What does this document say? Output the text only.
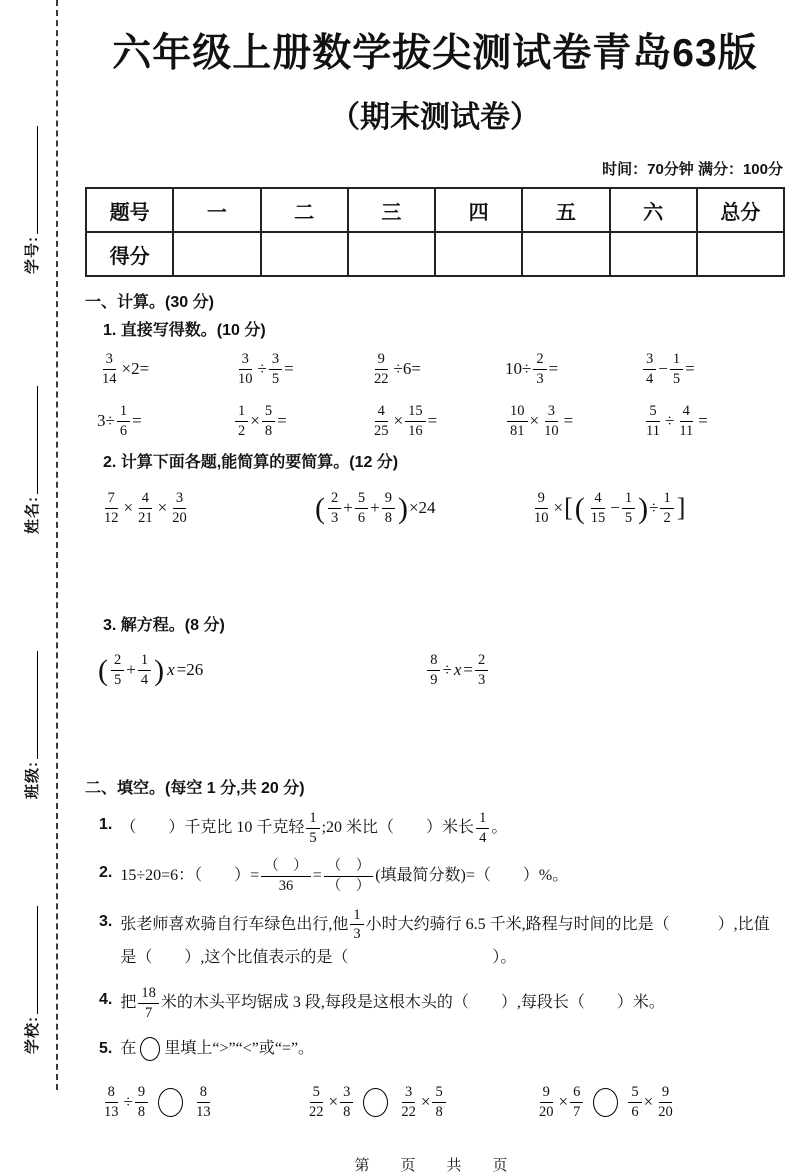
学号:
姓名:
班级:
学校:
六年级上册数学拔尖测试卷青岛63版
（期末测试卷）
时间：70分钟 满分：100分
题号	一	二	三	四	五	六	总分
得分							
一、计算。(30 分)
1. 直接写得数。(10 分)
$\frac{3}{14} \times 2=$	$\frac{3}{10} \div \frac{3}{5}$ =	$\frac{9}{22} \div 6=$	$10\div \frac{2}{3}$ =	$\frac{3}{4} - \frac{1}{5}$ =
$3\div \frac{1}{6}$ =	$\frac{1}{2} \times \frac{5}{8}$ =	$\frac{4}{25} \times \frac{15}{16}$ =	$\frac{10}{81} \times \frac{3}{10}$ =	$\frac{5}{11} \div \frac{4}{11}$ =
2. 计算下面各题,能简算的要简算。(12 分)
$\frac{7}{12} \times \frac{4}{21} \times \frac{3}{20}$	( $\frac{2}{3} + \frac{5}{6} + \frac{9}{8}$ ) ×24	$\frac{9}{10}$ × [ ( $\frac{4}{15} - \frac{1}{5}$ ) ÷ $\frac{1}{2}$ ]
3. 解方程。(8 分)
( $\frac{2}{5} + \frac{1}{4}$ ) x =26	$\frac{8}{9} \div x = \frac{2}{3}$
二、填空。(每空 1 分,共 20 分)
1. （　　）千克比 10 千克轻 $\frac{1}{5}$ ;20 米比（　　）米长 $\frac{1}{4}$ 。
2. 15÷20=6：（　　）= $\frac{( )}{36} = \frac{( )}{( )}$ (填最简分数)=（　　）%。
3. 张老师喜欢骑自行车绿色出行,他 $\frac{1}{3}$ 小时大约骑行 6.5 千米,路程与时间的比是（　　　）,比值
是（　　）,这个比值表示的是（　　　　　　　　　）。
4. 把 $\frac{18}{7}$ 米的木头平均锯成 3 段,每段是这根木头的（　　）,每段长（　　）米。
5. 在 里填上“>”“<”或“=”。
$\frac{8}{13} \div \frac{9}{8}$	$\frac{8}{13}$	$\frac{5}{22} \times \frac{3}{8}$	$\frac{3}{22} \times \frac{5}{8}$	$\frac{9}{20} \times \frac{6}{7}$	$\frac{5}{6} \times \frac{9}{20}$
第　页　共　页
